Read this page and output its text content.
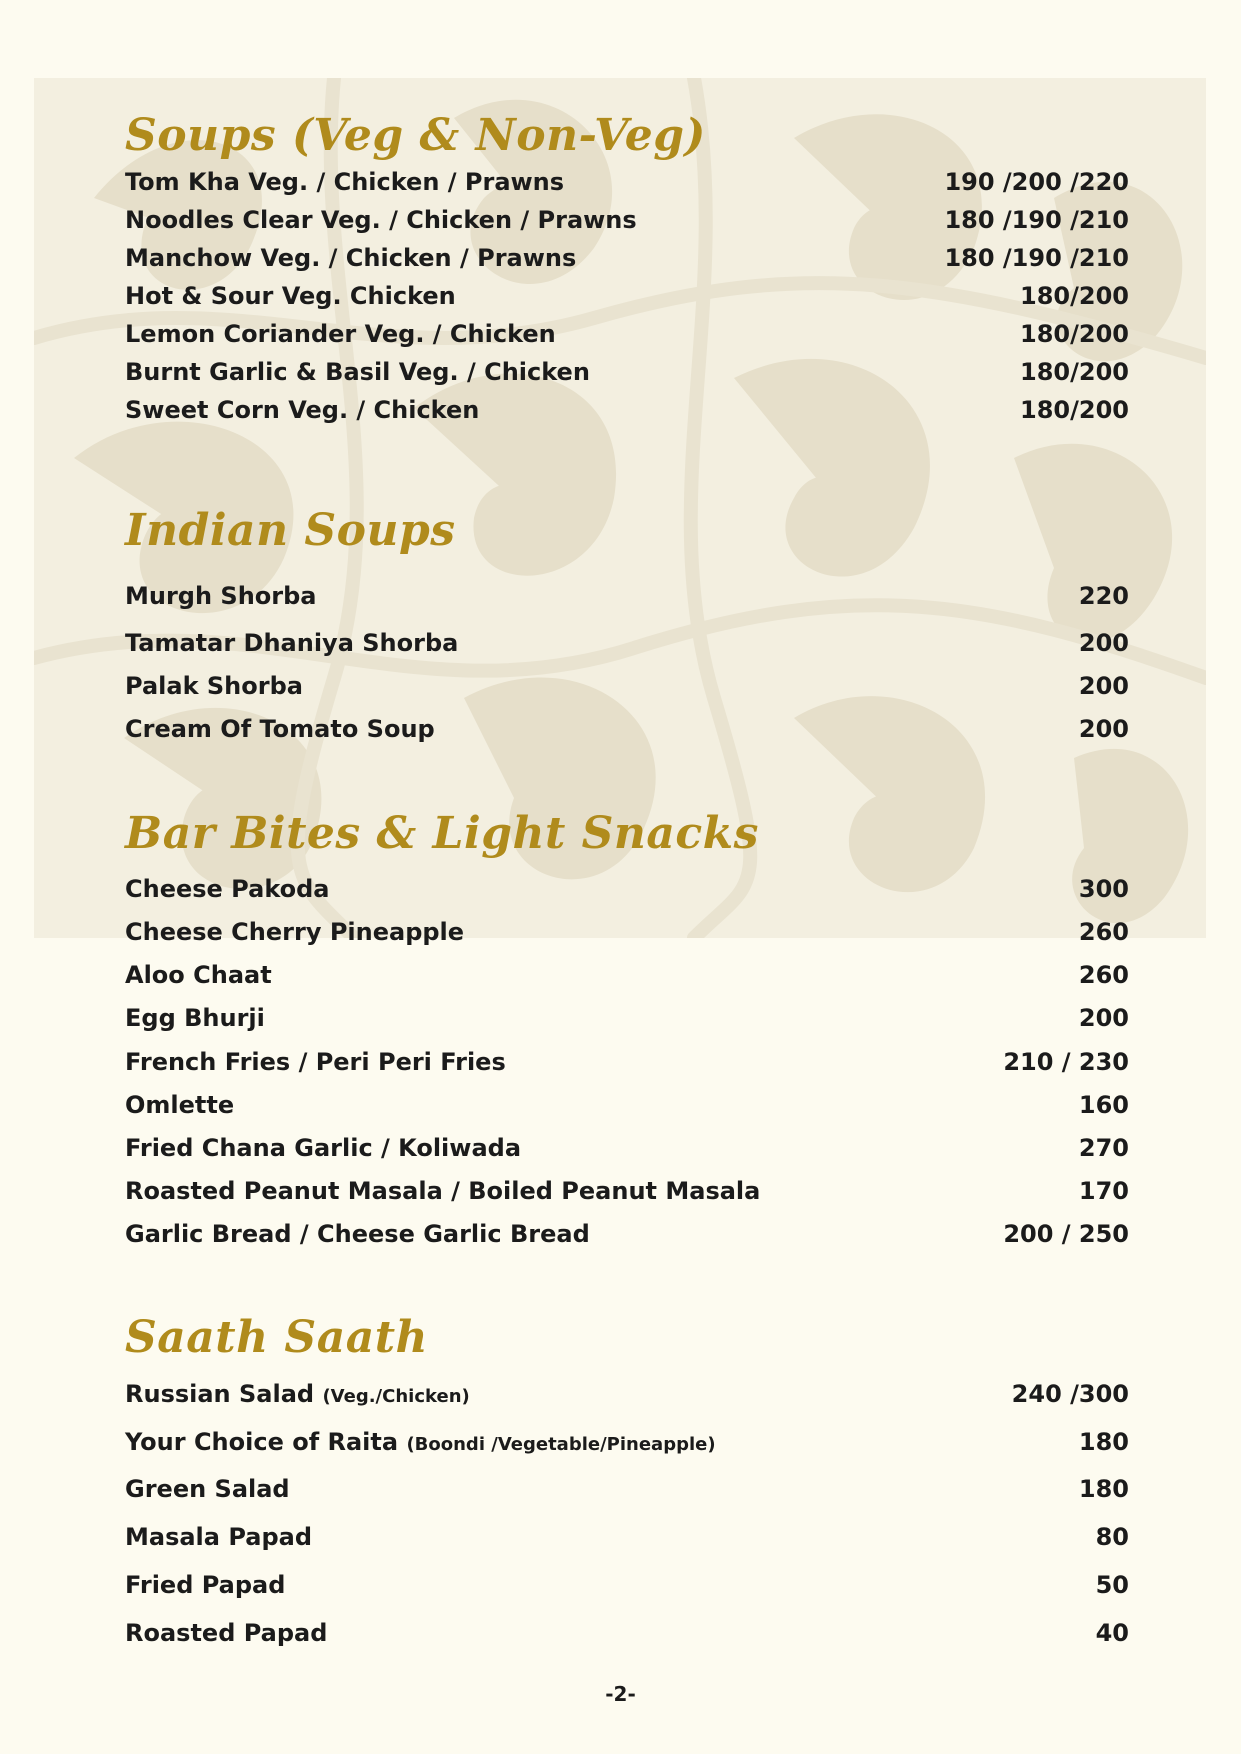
Soups (Veg & Non-Veg)
Tom Kha Veg. / Chicken / Prawns	190 /200 /220
Noodles Clear Veg. / Chicken / Prawns	180 /190 /210
Manchow Veg. / Chicken / Prawns	180 /190 /210
Hot & Sour Veg. Chicken	180/200
Lemon Coriander Veg. / Chicken	180/200
Burnt Garlic & Basil Veg. / Chicken	180/200
Sweet Corn Veg. / Chicken	180/200
Indian Soups
Murgh Shorba	220
Tamatar Dhaniya Shorba	200
Palak Shorba	200
Cream Of Tomato Soup	200
Bar Bites & Light Snacks
Cheese Pakoda	300
Cheese Cherry Pineapple	260
Aloo Chaat	260
Egg Bhurji	200
French Fries / Peri Peri Fries	210 / 230
Omlette	160
Fried Chana Garlic / Koliwada	270
Roasted Peanut Masala / Boiled Peanut Masala	170
Garlic Bread / Cheese Garlic Bread	200 / 250
Saath Saath
Russian Salad (Veg./Chicken)	240 /300
Your Choice of Raita (Boondi /Vegetable/Pineapple)	180
Green Salad	180
Masala Papad	80
Fried Papad	50
Roasted Papad	40
-2-
